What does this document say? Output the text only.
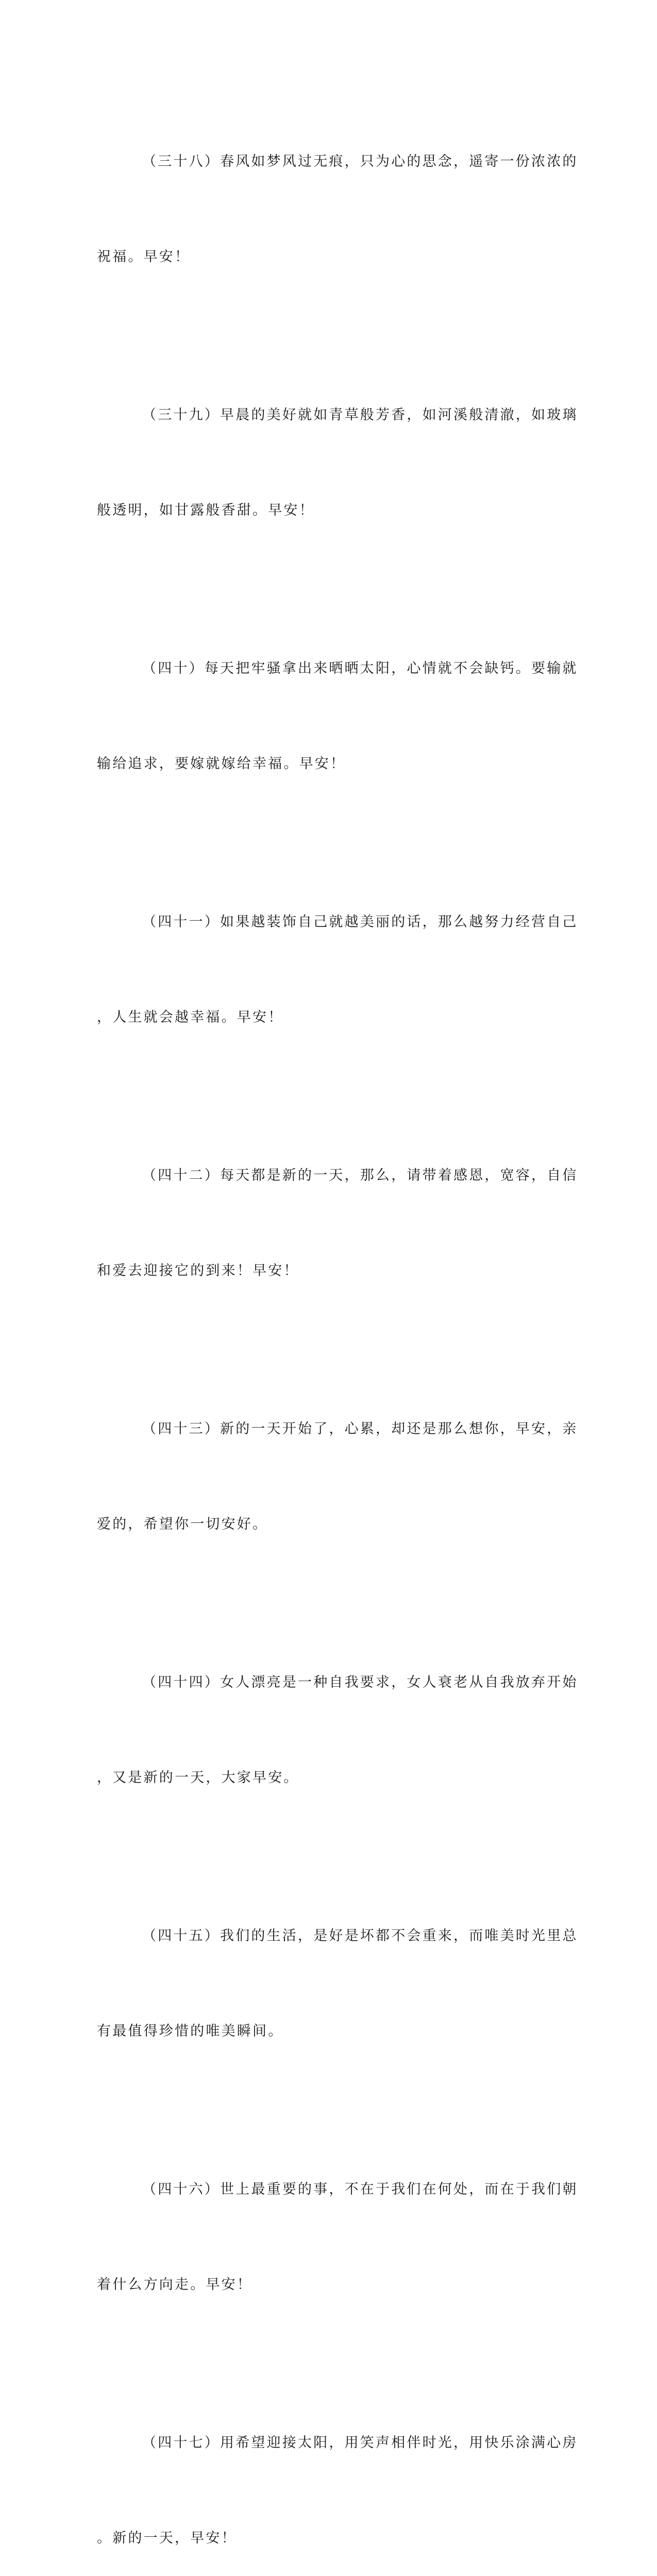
（三十八）春风如梦风过无痕，只为心的思念，遥寄一份浓浓的

祝福。早安！

（三十九）早晨的美好就如青草般芳香，如河溪般清澈，如玻璃

般透明，如甘露般香甜。早安！

（四十）每天把牢骚拿出来晒晒太阳，心情就不会缺钙。要输就

输给追求，要嫁就嫁给幸福。早安！

（四十一）如果越装饰自己就越美丽的话，那么越努力经营自己

，人生就会越幸福。早安！

（四十二）每天都是新的一天，那么，请带着感恩，宽容，自信

和爱去迎接它的到来！早安！

（四十三）新的一天开始了，心累，却还是那么想你，早安，亲

爱的，希望你一切安好。

（四十四）女人漂亮是一种自我要求，女人衰老从自我放弃开始

，又是新的一天，大家早安。

（四十五）我们的生活，是好是坏都不会重来，而唯美时光里总

有最值得珍惜的唯美瞬间。

（四十六）世上最重要的事，不在于我们在何处，而在于我们朝

着什么方向走。早安！

（四十七）用希望迎接太阳，用笑声相伴时光，用快乐涂满心房

。新的一天，早安！
